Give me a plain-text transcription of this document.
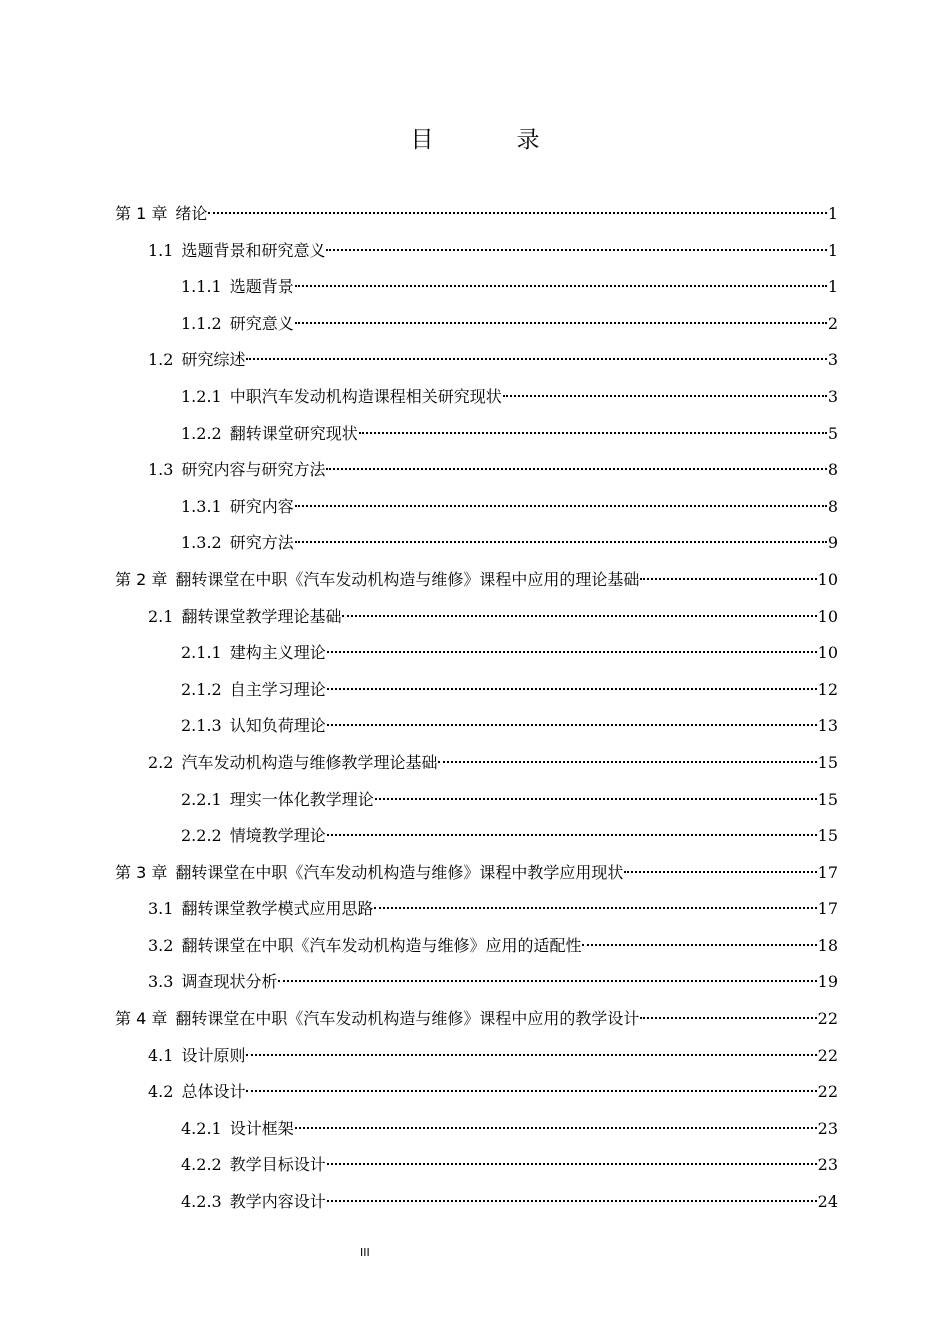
目　录
第 1 章 绪论	1
1.1 选题背景和研究意义	1
1.1.1 选题背景	1
1.1.2 研究意义	2
1.2 研究综述	3
1.2.1 中职汽车发动机构造课程相关研究现状	3
1.2.2 翻转课堂研究现状	5
1.3 研究内容与研究方法	8
1.3.1 研究内容	8
1.3.2 研究方法	9
第 2 章 翻转课堂在中职《汽车发动机构造与维修》课程中应用的理论基础	10
2.1 翻转课堂教学理论基础	10
2.1.1 建构主义理论	10
2.1.2 自主学习理论	12
2.1.3 认知负荷理论	13
2.2 汽车发动机构造与维修教学理论基础	15
2.2.1 理实一体化教学理论	15
2.2.2 情境教学理论	15
第 3 章 翻转课堂在中职《汽车发动机构造与维修》课程中教学应用现状	17
3.1 翻转课堂教学模式应用思路	17
3.2 翻转课堂在中职《汽车发动机构造与维修》应用的适配性	18
3.3 调查现状分析	19
第 4 章 翻转课堂在中职《汽车发动机构造与维修》课程中应用的教学设计	22
4.1 设计原则	22
4.2 总体设计	22
4.2.1 设计框架	23
4.2.2 教学目标设计	23
4.2.3 教学内容设计	24
III
